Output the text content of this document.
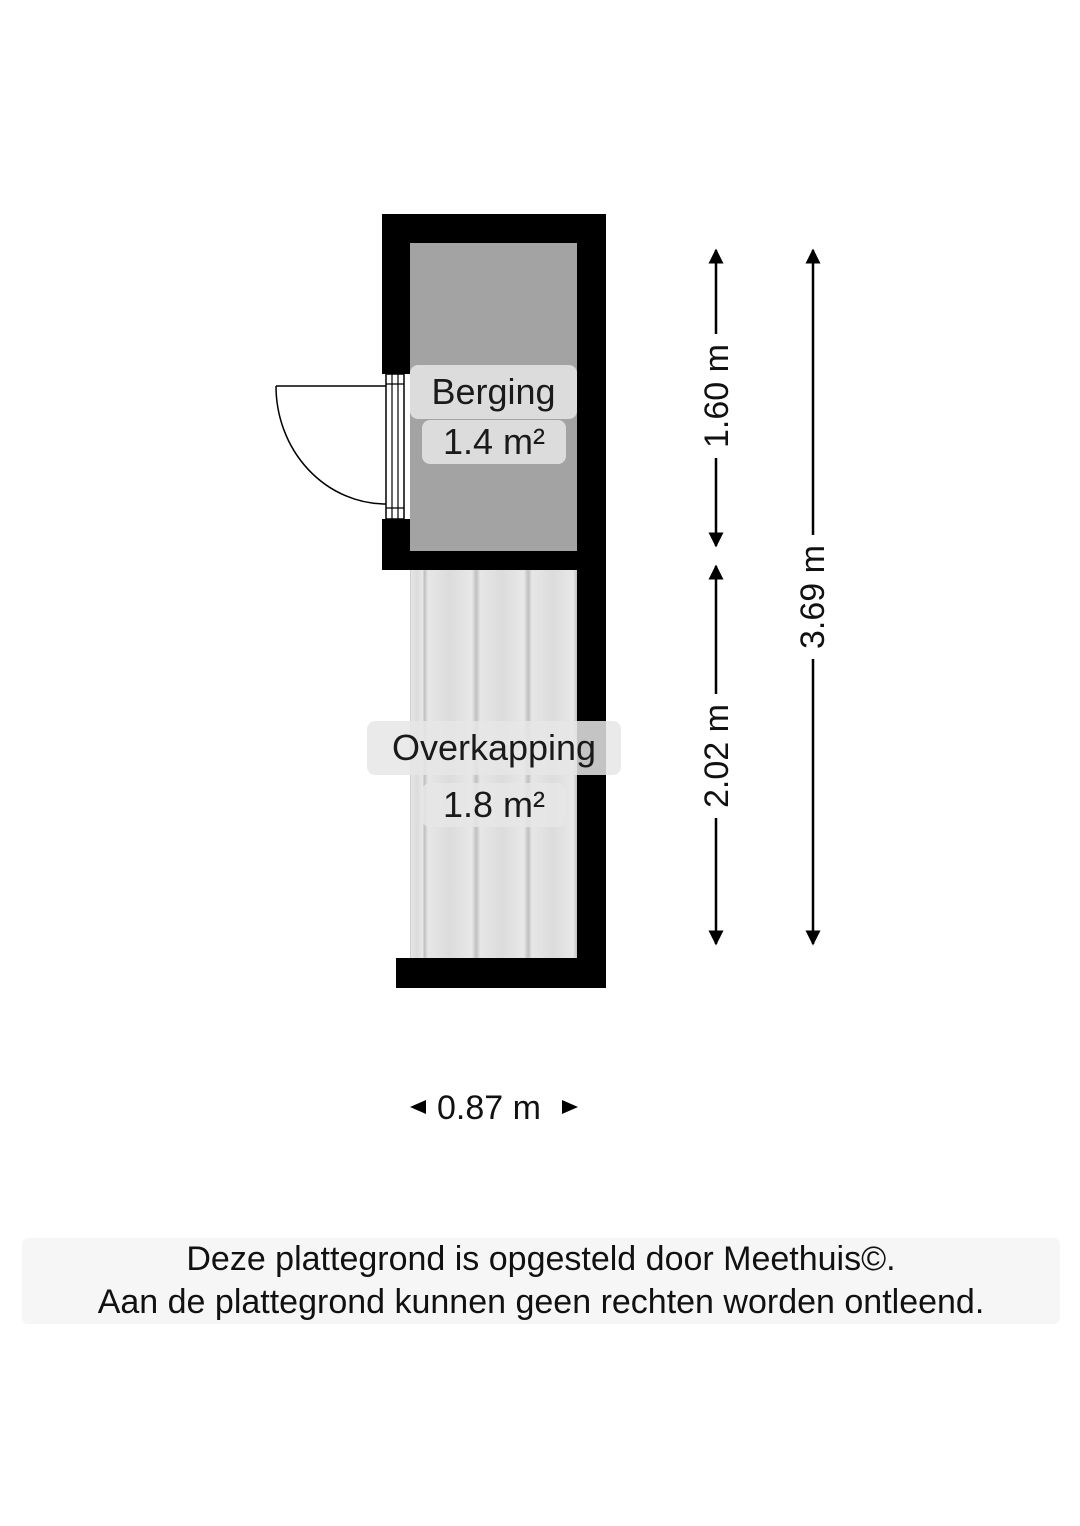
Berging
1.4 m²
Overkapping
1.8 m²
1.60 m
2.02 m
3.69 m
0.87 m
Deze plattegrond is opgesteld door Meethuis©.
Aan de plattegrond kunnen geen rechten worden ontleend.
